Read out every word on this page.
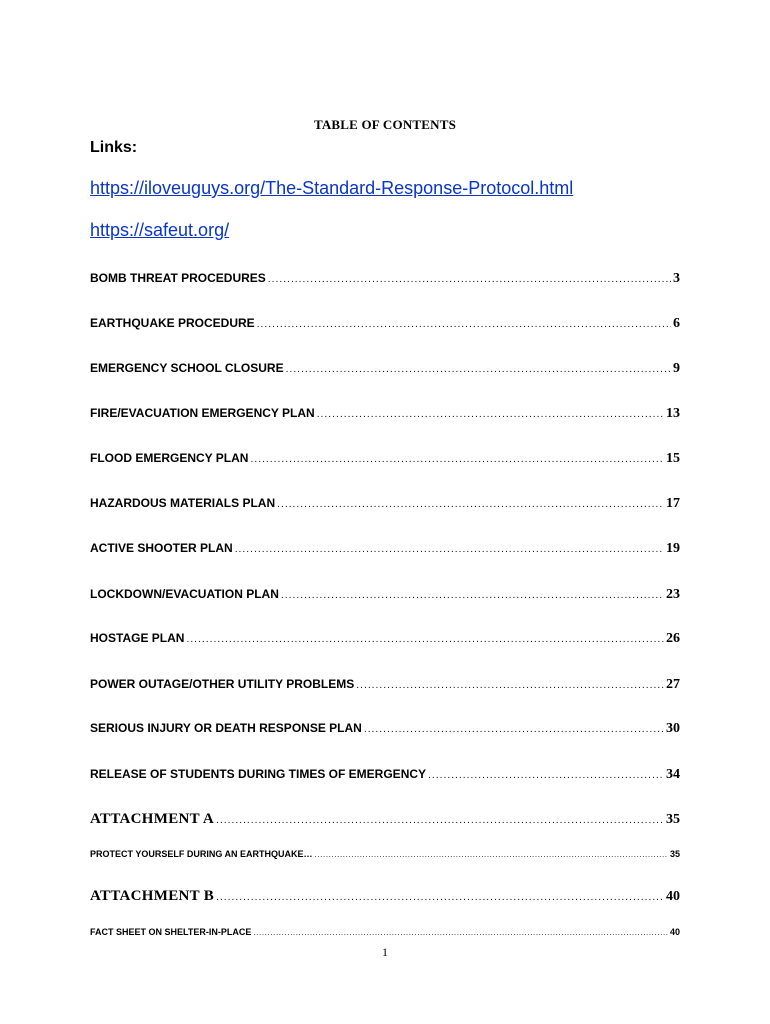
TABLE OF CONTENTS
Links:
https://iloveuguys.org/The-Standard-Response-Protocol.html
https://safeut.org/
BOMB THREAT PROCEDURES .....	3
EARTHQUAKE PROCEDURE .....	6
EMERGENCY SCHOOL CLOSURE .....	9
FIRE/EVACUATION EMERGENCY PLAN .....	13
FLOOD EMERGENCY PLAN .....	15
HAZARDOUS MATERIALS PLAN .....	17
ACTIVE SHOOTER PLAN .....	19
LOCKDOWN/EVACUATION PLAN .....	23
HOSTAGE PLAN .....	26
POWER OUTAGE/OTHER UTILITY PROBLEMS .....	27
SERIOUS INJURY OR DEATH RESPONSE PLAN .....	30
RELEASE OF STUDENTS DURING TIMES OF EMERGENCY .....	34
ATTACHMENT A .....	35
PROTECT YOURSELF DURING AN EARTHQUAKE… .....	35
ATTACHMENT B .....	40
FACT SHEET ON SHELTER-IN-PLACE .....	40
1
